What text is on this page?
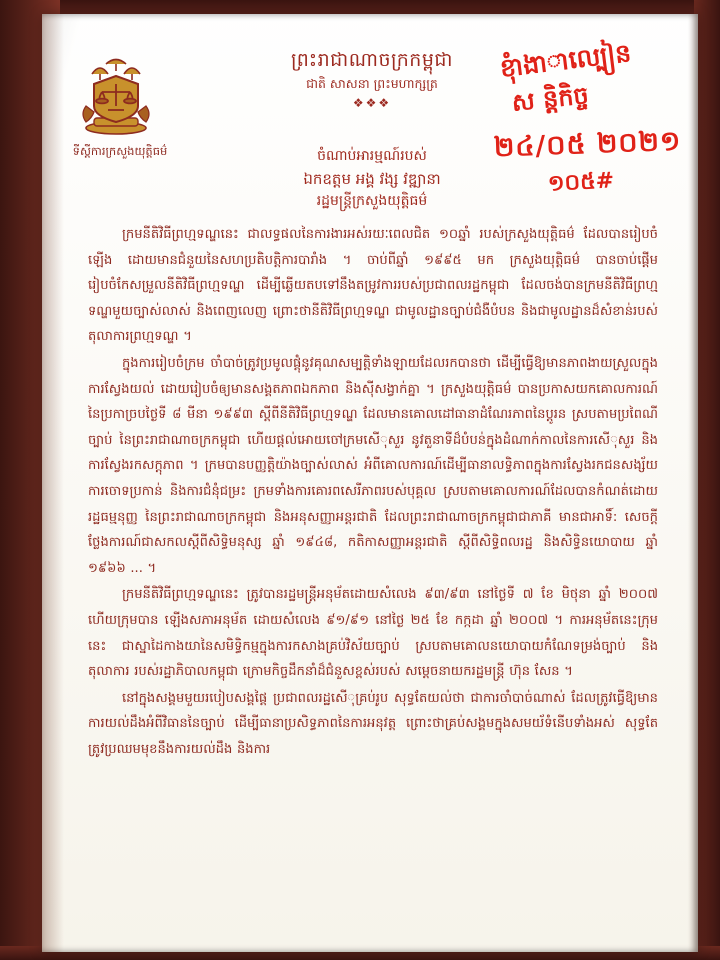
ទីស្ដីការក្រសួងយុត្តិធម៌
ព្រះរាជាណាចក្រកម្ពុជា
ជាតិ សាសនា ព្រះមហាក្សត្រ
❖❖❖
ចំណាប់អារម្មណ៍របស់
ឯកឧត្តម អង្គ វង្ស វឌ្ឍានា
រដ្ឋមន្ត្រីក្រសួងយុត្តិធម៌
ខុំាងាាល្បៀន
ស ន្តិកិច្ច
២៤/០៥ ២០២១
១០៥#

ក្រមនីតិវិធីព្រហ្មទណ្ឌនេះ ជាលទ្ធផលនៃការងារអស់រយៈពេលជិត ១០ឆ្នាំ របស់ក្រសួងយុត្តិធម៌ ដែលបានរៀបចំឡើង ដោយមានជំនួយនៃសហប្រតិបត្តិការបារាំង ។ ចាប់ពីឆ្នាំ ១៩៩៥ មក ក្រសួងយុត្តិធម៌ បានចាប់ផ្ដើមរៀបចំកែសម្រួលនីតិវិធីព្រហ្មទណ្ឌ ដើម្បីឆ្លើយតបទៅនឹងតម្រូវការរបស់ប្រជាពលរដ្ឋកម្ពុជា ដែលចង់បានក្រមនីតិវិធីព្រហ្មទណ្ឌមួយច្បាស់លាស់ និងពេញលេញ ព្រោះថានីតិវិធីព្រហ្មទណ្ឌ ជាមូលដ្ឋានច្បាប់ជំងឺបំបន និងជាមូលដ្ឋានដ៏សំខាន់របស់តុលាការព្រហ្មទណ្ឌ ។

ក្នុងការរៀបចំក្រម ចាំបាច់ត្រូវប្រមូលផ្ដុំនូវគុណសម្បត្តិទាំងឡាយដែលរកបានថា ដើម្បីធ្វើឱ្យមានភាពងាយស្រួលក្នុងការស្វែងយល់ ដោយរៀបចំឲ្យមានសង្គតភាព​ឯកភាព និងសុីសង្វាក់គ្នា ។ ក្រសួងយុត្តិធម៌ បានប្រកាសយកគោលការណ៍នៃប្រកាច្របថ្ងៃទី ៨ មីនា ១៩៩៣ ស្ដីពីនីតិវិធីព្រហ្មទណ្ឌ ដែលមានគោលដៅធានាដំណែរភាពនៃប្ដូរន ស្របតាមប្រពៃណីច្បាប់ នៃព្រះរាជាណាចក្រកម្ពុជា ហើយផ្ដល់អោយចៅក្រមសេីុសួរ នូវតួនាទីដ៏បំបន់ក្នុងដំណាក់កាលនៃការសេីុសួរ និងការស្វែងរកសក្ដុភាព ។ ក្រមបានបញ្ញត្តិយ៉ាងច្បាស់លាស់ អំពីគោលការណ៍ដើម្បីធានាលទ្ធិភាពក្នុងការស្វែងរកជនសង្ស័យ ការចោទប្រកាន់ និងការជំនុំជម្រះ ក្រមទាំងការគោរពសេរីភាពរបស់បុគ្គល ស្របតាមគោលការណ៍ដែលបានកំណត់ដោយរដ្ឋធម្មនុញ្ញ នៃព្រះរាជាណាចក្រកម្ពុជា និងអនុសញ្ញាអន្តរជាតិ ដែលព្រះរាជាណាចក្រកម្ពុជាជាភាគី មានជាអាទិ៍: សេចក្ដីថ្លែងការណ៍ជាសកលស្ដីពីសិទ្ធិមនុស្ស ឆ្នាំ ១៩៤៨, កតិកាសញ្ញាអន្តរជាតិ ស្ដីពីសិទ្ធិពលរដ្ឋ និងសិទ្ធិនយោបាយ ឆ្នាំ ១៩៦៦ ... ។

ក្រមនីតិវិធីព្រហ្មទណ្ឌនេះ ត្រូវបានរដ្ឋមន្ត្រីអនុម័តដោយសំលេង ៩៣/៩៣ នៅថ្ងៃទី ៧ ខែ មិថុនា ឆ្នាំ ២០០៧ ហើយក្រុមបាន ឡើងសភាអនុម័ត ដោយសំលេង ៩១/៩១ នៅថ្ងៃ ២៥ ខែ កក្កដា ឆ្នាំ ២០០៧ ។ ការអនុម័តនេះក្រុមនេះ ជាស្នាដៃកាងយានៃសមិទ្ធិកម្មក្នុងការកសាងគ្រប់វិស័យច្បាប់ ស្របតាមគោលនយោបាយកំណែទម្រង់ច្បាប់ និងតុលាការ របស់រដ្ឋាភិបាលកម្ពុជា ក្រោមកិច្ចដឹកនាំដ៏ជំនួសខ្ពស់របស់ សម្ដេចនាយករដ្ឋមន្ត្រី ហ៊ុន សែន ។

នៅក្នុងសង្គមមួយរបៀបសង្គផ្ដៃ ប្រជាពលរដ្ឋសេីុគ្រប់រូប សុទ្ធតែយល់ថា ជាការចាំបាច់ណាស់ ដែលត្រូវធ្វើឱ្យមានការយល់ដឹងអំពីវិធាននៃច្បាប់ ដើម្បីធានាប្រសិទ្ធភាពនៃការអនុវត្ត ព្រោះថាគ្រប់សង្គមក្នុងសមយ័ទំនេីបទាំងអស់ សុទ្ធតែត្រូវប្រឈមមុខនឹងការយល់ដឹង និងការ
